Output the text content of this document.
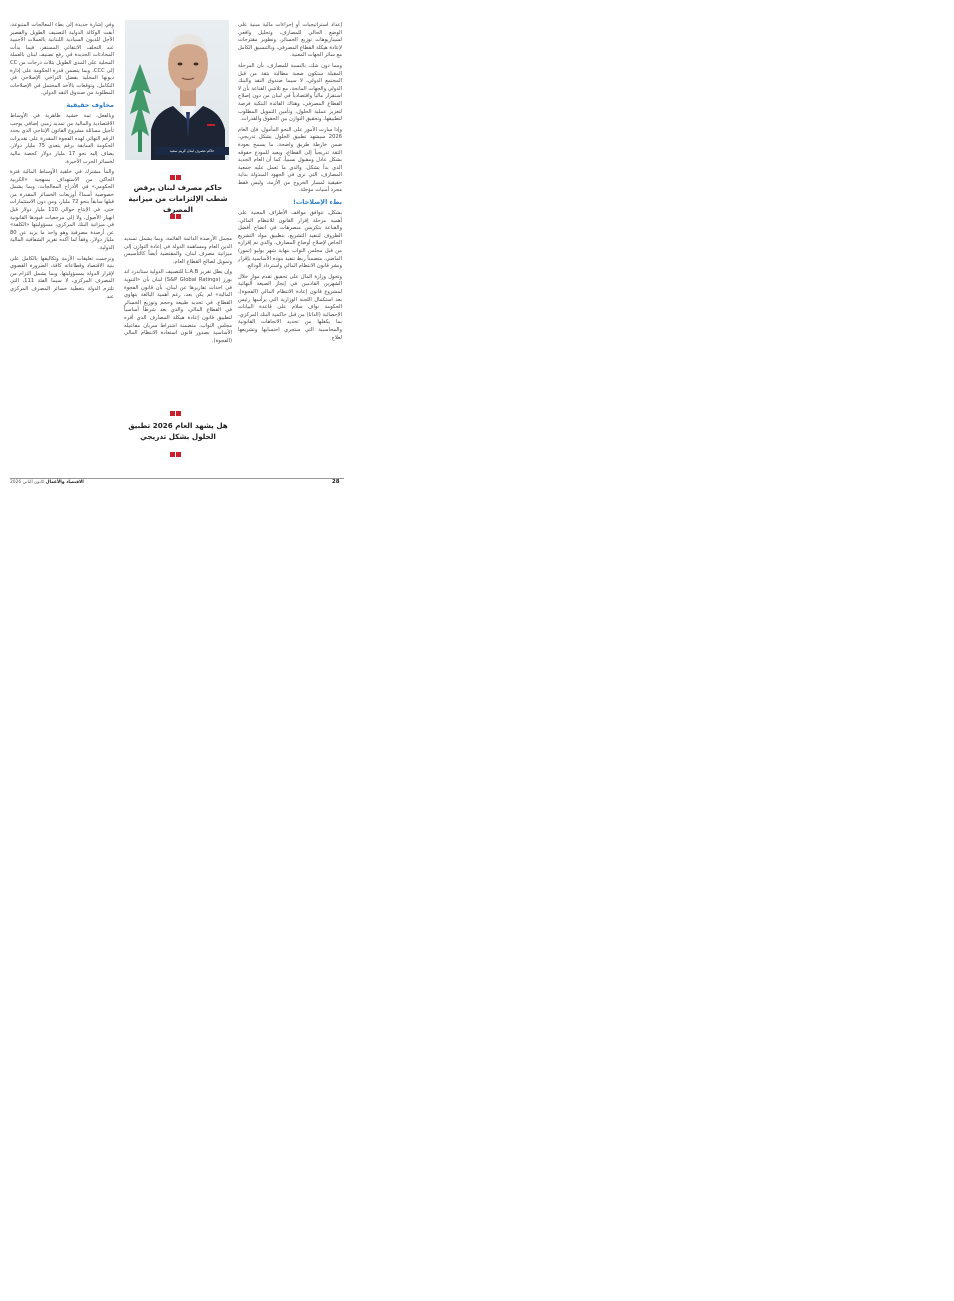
إعداد استراتيجيات أو إجراءات مالية مبنية على الوضع الحالي للمصارف، وتحليل واقعي لسيناريوهات توزيع الخسائر، وتطوير مقترحات لإعادة هيكلة القطاع المصرفي، وبالتنسيق الكامل مع سائر الجهات المعنية.

ومما دون شك، بالنسبة للمصارف، بأن المرحلة المقبلة ستكون صعبة مطالبة بثقة من قبل المجتمع الدولي، لا سيما صندوق النقد والبنك الدولي والجهات المانحة، مع تلاشي القناعة بأن لا استقرار مالياً واقتصادياً في لبنان من دون إصلاح القطاع المصرفي، وهناك الفائدة البنكية فرصة لتعزيز عملية الحلول، وتأمين التمويل المطلوب لتطبيقها، وتحقيق التوازن بين الحقوق والقدرات.

وإذا سارت الأمور على النحو المأمول، فإن العام 2026 سيشهد تطبيق الحلول بشكل تدريجي، ضمن خارطة طريق واضحة، ما يسمح بعودة الثقة تدريجياً إلى القطاع، ويعيد للمودع حقوقه بشكل عادل ومقبول نسبياً، كما أن العام الجديد الذي بدأ يشكل، والذي ما تعمل عليه جمعية المصارف، التي ترى في الجهود المبذولة بداية حقيقية لمسار الخروج من الأزمة، وليس فقط مجرد أمنيات مؤجلة.

بطء الإصلاحات!

بشكل، تتوافق مواقف الأطراف المعنية على أهمية مرحلة إقرار القانون للانتظام المالي، والقناعة بتكريس منصرهات في انضاج أفضل الظروف لتنفيذ التشريع، بتطبيق مواد التشريع الخاص لإصلاح أوضاع المصارف، والذي تم إقراره من قبل مجلس النواب بنهاية شهر يوليو (تموز) الماضي، متضمناً ربط تنفيذ بنوده الأساسية بإقرار ونشر قانون الانتظام المالي واسترداد الودائع.

وتحول وزارة المال على تحقيق تقدم موازٍ خلال الشهرين القادمين في إنجاز الصيغة النهائية لمشروع قانون إعادة الانتظام المالي (الفجوة)، بعد استكمال اللجنة الوزارية التي يرأسها رئيس الحكومة نواف سلام على قاعدة البيانات الإحصائية (الداتا) من قبل حاكمية البنك المركزي، بما يكفلها من تحديد الاتجاهات القانونية والمحاسبية التي ستجري احتسابها وتشريعها لعلاج

حاكم مصرف لبنان كريم سعيد
حاكم مصرف لبنان يرفض شطب الإلتزامات من ميزانية المصرف

مجمل الأرصدة الدائمة القائمة، وبما يشمل تسديد الدين العام ومساهمة الدولة في إعادة التوازن إلى ميزانية مصرف لبنان، والمقتضية أيضاً كالتأسيس وتمويل لصالح القطاع العام.

وإن يظل تقرير L.A.B للتصنيف الدولية ستاندرد اند بورز (S&P Global Ratings) لبنان بأن «التنوية في احداث تقاريرها عن لبنان، بأن قانون الفجوة المالية» لم يكن بعد، رغم أهمية البالغة بتهاوي القطاع. في تحديد طبيعة وحجم وتوزيع الخسائر في القطاع المالي، والذي بعد شرطاً أساسياً لتطبيق قانون إعادة هيكلة المصارف الذي أقره مجلس النواب، متضمنة اشتراط سريان مفاعيله الأساسية بصدور قانون استعادة الانتظام المالي (الفجوة).

هل يشهد العام 2026 تطبيق الحلول بشكل تدريجي

وفي إشارة جديدة إلى بطء المعالجات المتبوعة، أبقت الوكالة الدولية التصنيف الطويل والقصير الأجل للديون السيادية اللبنانية بالعملات الأجنبية عند التخلف الانتقائي المستقر، فيما بدأت المحادثات الجديدة في رفع تصنيف لبنان بالعملة المحلية على المدى الطويل بثلاث درجات من CC إلى CCC، وبما يتضمن قدرة الحكومة على إدارة ديونها المحلية بفضل التراخي الإصلاحي في التكامل، وتوقعات بالأخذ المحتمل في الإصلاحات المطلوبة من صندوق النقد الدولي.

مخاوف حقيقية

وبالفعل، ثمة خشية ظاهرية في الأوساط الاقتصادية والمالية من تمديد زمني إضافي يوجب تأجيل مسائلة مشروع القانون الإنتاجي الذي يحدد الرقم النهائي لهذه الفجوة المقدرة على تقديرات الحكومة السابقة برقم يتعدى 75 مليار دولار، يضاف إليه نحو 17 مليار دولار كحصة مالية لخسائر الحرب الأخيرة.

والمأ مشترك في خلفية الأوساط المالية فترة الحاكي من الاستهداف بمنهجية «الكربية الحكومي» في الأذراح المعالجات، وبما يشمل خصوصية أسماءً أوزيعات الخسائر المقدرة من قبلها سابقاً بنحو 72 مليار، ومن دون الاستثمارات حتى، في الإنتاج حوالي 110 مليار دولار قبل انهيار الأصول، ولا إلى مرجعيات قيودها القانونية في ميزانية البنك المركزي، مسؤوليتها «الكلفة» عن أرصدة مصرفية وهو واحد ما يزيد عن 80 مليار دولار، وفقاً لما أكده تقرير الشفافية المالية الدولية.

وترجمت تعليقات الأزمة وتكاليفها بالكامل على بنية الاقتصاد وقطاعاته كافة، الضرورة القصوى لإقرار الدولة بمسؤوليتها، وبما يشمل التزام من المصرف المركزي، لا سيما الفئة 111، التي تلتزم الدولة بتغطية خسائر المصرف المركزي عند

الاقتصاد والأعمال كانون الثاني 2026	28
